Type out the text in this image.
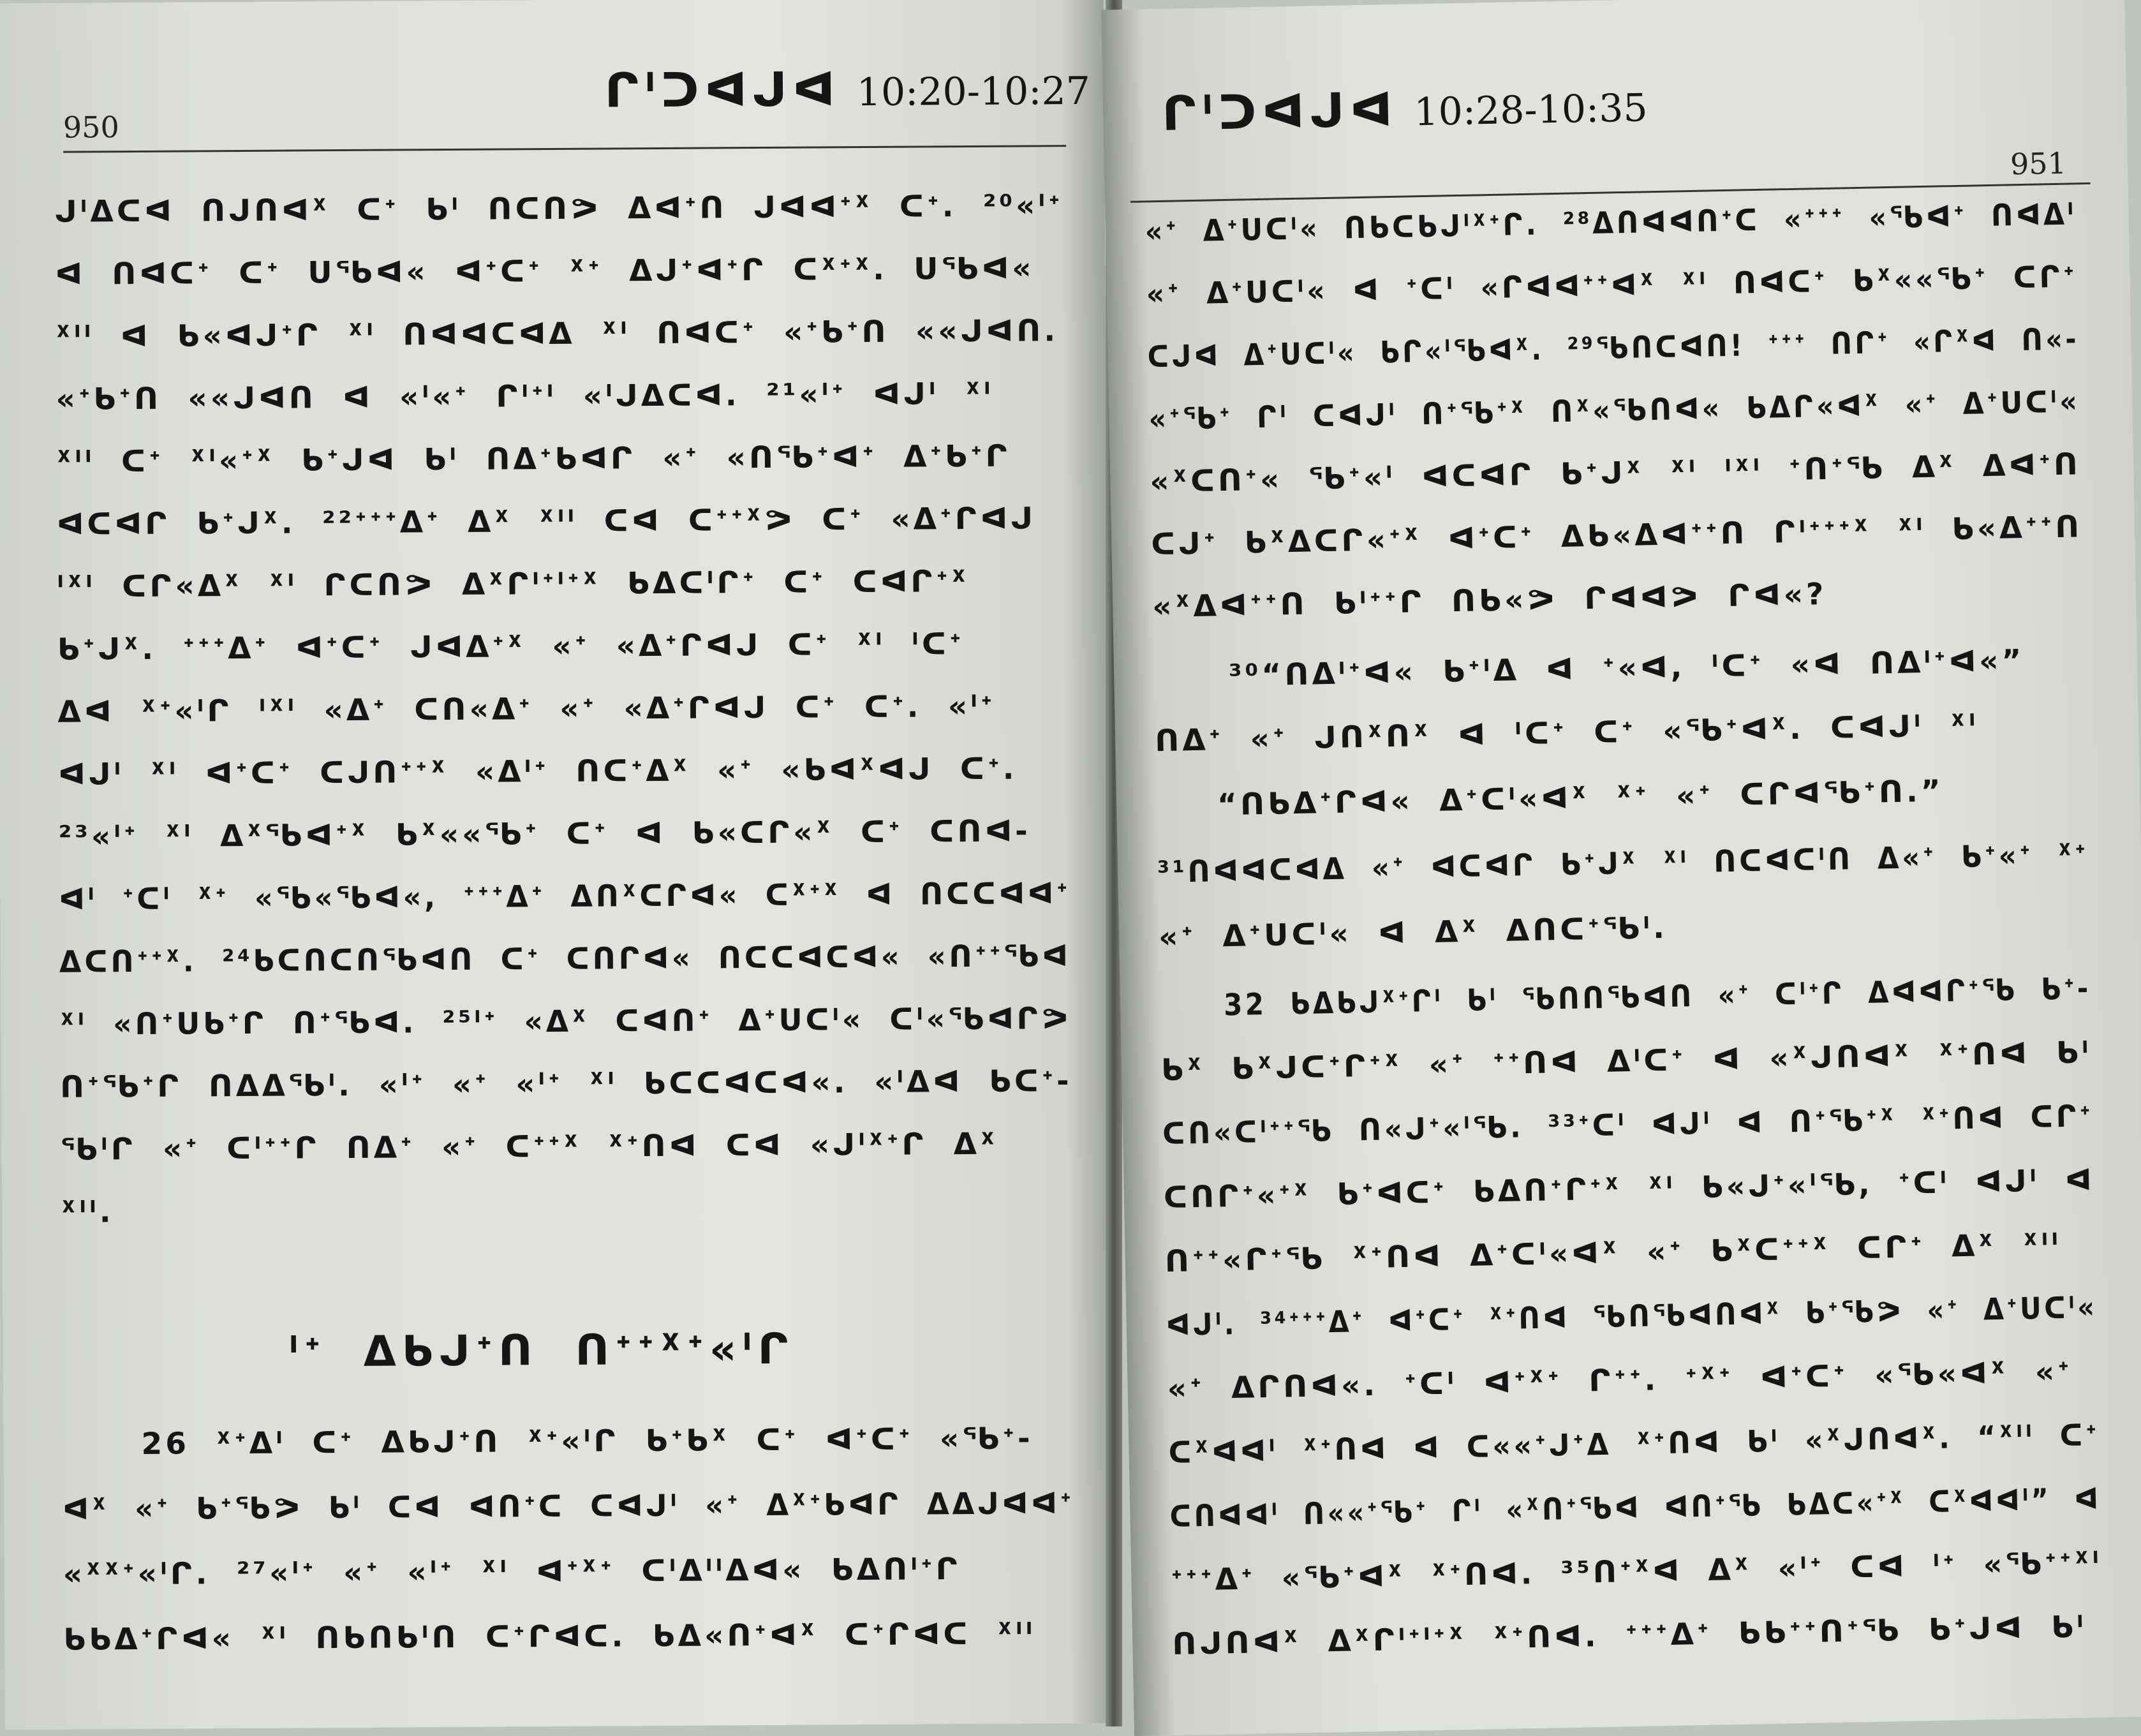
950
ᒋᑊᑐᐊᒍᐊ 10:20-10:27
ᒍᑊᐃᑕᐊ ᑎᒍᑎᐊᕁ ᑕᐩ ᑲᑊ ᑎᑕᑎᕗ ᐃᐊᐩᑎ ᒍᐊᐊᐩᕁ ᑕᐩ. ²⁰«ᑊᐩ
ᐊ ᑎᐊᑕᐩ ᑕᐩ ᑌᖃᐊ« ᐊᐩᑕᐩ ᕁᐩ ᐃᒍᐩᐊᐩᒋ ᑕᕁᐩᕁ. ᑌᖃᐊ«
ᕁᑊᑊ ᐊ ᑲ«ᐊᒍᐩᒋ ᕁᑊ ᑎᐊᐊᑕᐊᐃ ᕁᑊ ᑎᐊᑕᐩ «ᐩᑲᐩᑎ ««ᒍᐊᑎ.
«ᐩᑲᐩᑎ ««ᒍᐊᑎ ᐊ «ᑊ«ᐩ ᒋᑊᐩᑊ «ᑊᒍᐃᑕᐊ. ²¹«ᑊᐩ ᐊᒍᑊ ᕁᑊ
ᕁᑊᑊ ᑕᐩ ᕁᑊ«ᐩᕁ ᑲᐩᒍᐊ ᑲᑊ ᑎᐃᐩᑲᐊᒋ «ᐩ «ᑎᖃᐩᐊᐩ ᐃᐩᑲᐩᒋ
ᐊᑕᐊᒋ ᑲᐩᒍᕁ. ²²ᐩᐩᐩᐃᐩ ᐃᕁ ᕁᑊᑊ ᑕᐊ ᑕᐩᐩᕁᕗ ᑕᐩ «ᐃᐩᒋᐊᒍ
ᑊᕁᑊ ᑕᒋ«ᐃᕁ ᕁᑊ ᒋᑕᑎᕗ ᐃᕁᒋᑊᐩᑊᐩᕁ ᑲᐃᑕᑊᒋᐩ ᑕᐩ ᑕᐊᒋᐩᕁ
ᑲᐩᒍᕁ. ᐩᐩᐩᐃᐩ ᐊᐩᑕᐩ ᒍᐊᐃᐩᕁ «ᐩ «ᐃᐩᒋᐊᒍ ᑕᐩ ᕁᑊ ᑊᑕᐩ
ᐃᐊ ᕁᐩ«ᑊᒋ ᑊᕁᑊ «ᐃᐩ ᑕᑎ«ᐃᐩ «ᐩ «ᐃᐩᒋᐊᒍ ᑕᐩ ᑕᐩ. «ᑊᐩ
ᐊᒍᑊ ᕁᑊ ᐊᐩᑕᐩ ᑕᒍᑎᐩᐩᕁ «ᐃᑊᐩ ᑎᑕᐩᐃᕁ «ᐩ «ᑲᐊᕁᐊᒍ ᑕᐩ.
²³«ᑊᐩ ᕁᑊ ᐃᕁᖃᐊᐩᕁ ᑲᕁ««ᖃᐩ ᑕᐩ ᐊ ᑲ«ᑕᒋ«ᕁ ᑕᐩ ᑕᑎᐊ-
ᐊᑊ ᐩᑕᑊ ᕁᐩ «ᖃ«ᖃᐊ«, ᐩᐩᐩᐃᐩ ᐃᑎᕁᑕᒋᐊ« ᑕᕁᐩᕁ ᐊ ᑎᑕᑕᐊᐊᐩ
ᐃᑕᑎᐩᐩᕁ. ²⁴ᑲᑕᑎᑕᑎᖃᐊᑎ ᑕᐩ ᑕᑎᒋᐊ« ᑎᑕᑕᐊᑕᐊ« «ᑎᐩᐩᖃᐊ
ᕁᑊ «ᑎᐩᑌᑲᐩᒋ ᑎᐩᖃᐊ. ²⁵ᑊᐩ «ᐃᕁ ᑕᐊᑎᐩ ᐃᐩᑌᑕᑊ« ᑕᑊ«ᖃᐊᒋᕗ
ᑎᐩᖃᐩᒋ ᑎᐃᐃᖃᑊ. «ᑊᐩ «ᐩ «ᑊᐩ ᕁᑊ ᑲᑕᑕᐊᑕᐊ«. «ᑊᐃᐊ ᑲᑕᐩ-
ᖃᑊᒋ «ᐩ ᑕᑊᐩᐩᒋ ᑎᐃᐩ «ᐩ ᑕᐩᐩᕁ ᕁᐩᑎᐊ ᑕᐊ «ᒍᑊᕁᐩᒋ ᐃᕁ
ᕁᑊᑊ.
ᑊᐩ ᐃᑲᒍᐩᑎ ᑎᐩᐩᕁᐩ«ᑊᒋ
26 ᕁᐩᐃᑊ ᑕᐩ ᐃᑲᒍᐩᑎ ᕁᐩ«ᑊᒋ ᑲᐩᑲᕁ ᑕᐩ ᐊᐩᑕᐩ «ᖃᐩ-
ᐊᕁ «ᐩ ᑲᐩᖃᕗ ᑲᑊ ᑕᐊ ᐊᑎᐩᑕ ᑕᐊᒍᑊ «ᐩ ᐃᕁᐩᑲᐊᒋ ᐃᐃᒍᐊᐊᐩ
«ᕁᕁᐩ«ᑊᒋ. ²⁷«ᑊᐩ «ᐩ «ᑊᐩ ᕁᑊ ᐊᐩᕁᐩ ᑕᑊᐃᑊᑊᐃᐊ« ᑲᐃᑎᑊᐩᒋ
ᑲᑲᐃᐩᒋᐊ« ᕁᑊ ᑎᑲᑎᑲᑊᑎ ᑕᐩᒋᐊᑕ. ᑲᐃ«ᑎᐩᐊᕁ ᑕᐩᒋᐊᑕ ᕁᑊᑊ
ᒋᑊᑐᐊᒍᐊ 10:28-10:35
951
«ᐩ ᐃᐩᑌᑕᑊ« ᑎᑲᑕᑲᒍᑊᕁᐩᒋ. ²⁸ᐃᑎᐊᐊᑎᐩᑕ «ᐩᐩᐩ «ᖃᐊᐩ ᑎᐊᐃᑊ
«ᐩ ᐃᐩᑌᑕᑊ« ᐊ ᐩᑕᑊ «ᒋᐊᐊᐩᐩᐊᕁ ᕁᑊ ᑎᐊᑕᐩ ᑲᕁ««ᖃᐩ ᑕᒋᐩ
ᑕᒍᐊ ᐃᐩᑌᑕᑊ« ᑲᒋ«ᑊᖃᐊᕁ. ²⁹ᖃᑎᑕᐊᑎ! ᐩᐩᐩ ᑎᒋᐩ «ᒋᕁᐊ ᑎ«-
«ᐩᖃᐩ ᒋᑊ ᑕᐊᒍᑊ ᑎᐩᖃᐩᕁ ᑎᕁ«ᖃᑎᐊ« ᑲᐃᒋ«ᐊᕁ «ᐩ ᐃᐩᑌᑕᑊ«
«ᕁᑕᑎᐩ« ᖃᐩ«ᑊ ᐊᑕᐊᒋ ᑲᐩᒍᕁ ᕁᑊ ᑊᕁᑊ ᐩᑎᐩᖃ ᐃᕁ ᐃᐊᐩᑎ
ᑕᒍᐩ ᑲᕁᐃᑕᒋ«ᐩᕁ ᐊᐩᑕᐩ ᐃᑲ«ᐃᐊᐩᐩᑎ ᒋᑊᐩᐩᐩᕁ ᕁᑊ ᑲ«ᐃᐩᐩᑎ
«ᕁᐃᐊᐩᐩᑎ ᑲᑊᐩᐩᒋ ᑎᑲ«ᕗ ᒋᐊᐊᕗ ᒋᐊ«?
³⁰“ᑎᐃᑊᐩᐊ« ᑲᐩᑊᐃ ᐊ ᐩ«ᐊ, ᑊᑕᐩ «ᐊ ᑎᐃᑊᐩᐊ«”
ᑎᐃᐩ «ᐩ ᒍᑎᕁᑎᕁ ᐊ ᑊᑕᐩ ᑕᐩ «ᖃᐩᐊᕁ. ᑕᐊᒍᑊ ᕁᑊ
“ᑎᑲᐃᐩᒋᐊ« ᐃᐩᑕᑊ«ᐊᕁ ᕁᐩ «ᐩ ᑕᒋᐊᖃᐩᑎ.”
³¹ᑎᐊᐊᑕᐊᐃ «ᐩ ᐊᑕᐊᒋ ᑲᐩᒍᕁ ᕁᑊ ᑎᑕᐊᑕᑊᑎ ᐃ«ᐩ ᑲᐩ«ᐩ ᕁᐩ
«ᐩ ᐃᐩᑌᑕᑊ« ᐊ ᐃᕁ ᐃᑎᑕᐩᖃᑊ.
32 ᑲᐃᑲᒍᕁᐩᒋᑊ ᑲᑊ ᖃᑎᑎᖃᐊᑎ «ᐩ ᑕᑊᐩᒋ ᐃᐊᐊᒋᐩᖃ ᑲᐩ-
ᑲᕁ ᑲᕁᒍᑕᐩᒋᐩᕁ «ᐩ ᐩᐩᑎᐊ ᐃᑊᑕᐩ ᐊ «ᕁᒍᑎᐊᕁ ᕁᐩᑎᐊ ᑲᑊ
ᑕᑎ«ᑕᑊᐩᐩᖃ ᑎ«ᒍᐩ«ᑊᖃ. ³³ᐩᑕᑊ ᐊᒍᑊ ᐊ ᑎᐩᖃᐩᕁ ᕁᐩᑎᐊ ᑕᒋᐩ
ᑕᑎᒋᐩ«ᐩᕁ ᑲᐩᐊᑕᐩ ᑲᐃᑎᐩᒋᐩᕁ ᕁᑊ ᑲ«ᒍᐩ«ᑊᖃ, ᐩᑕᑊ ᐊᒍᑊ ᐊ
ᑎᐩᐩ«ᒋᐩᖃ ᕁᐩᑎᐊ ᐃᐩᑕᑊ«ᐊᕁ «ᐩ ᑲᕁᑕᐩᐩᕁ ᑕᒋᐩ ᐃᕁ ᕁᑊᑊ
ᐊᒍᑊ. ³⁴ᐩᐩᐩᐃᐩ ᐊᐩᑕᐩ ᕁᐩᑎᐊ ᖃᑎᖃᐊᑎᐊᕁ ᑲᐩᖃᕗ «ᐩ ᐃᐩᑌᑕᑊ«
«ᐩ ᐃᒋᑎᐊ«. ᐩᑕᑊ ᐊᐩᕁᐩ ᒋᐩᐩ. ᐩᕁᐩ ᐊᐩᑕᐩ «ᖃ«ᐊᕁ «ᐩ
ᑕᕁᐊᐊᑊ ᕁᐩᑎᐊ ᐊ ᑕ««ᐩᒍᐩᐃ ᕁᐩᑎᐊ ᑲᑊ «ᕁᒍᑎᐊᕁ. “ᕁᑊᑊ ᑕᐩ
ᑕᑎᐊᐊᑊ ᑎ««ᐩᖃᐩ ᒋᑊ «ᕁᑎᐩᖃᐊ ᐊᑎᐩᖃ ᑲᐃᑕ«ᐩᕁ ᑕᕁᐊᐊᑊ” ᐊ
ᐩᐩᐩᐃᐩ «ᖃᐩᐊᕁ ᕁᐩᑎᐊ. ³⁵ᑎᐩᕁᐊ ᐃᕁ «ᑊᐩ ᑕᐊ ᑊᐩ «ᖃᐩᐩᕁᑊ
ᑎᒍᑎᐊᕁ ᐃᕁᒋᑊᐩᑊᐩᕁ ᕁᐩᑎᐊ. ᐩᐩᐩᐃᐩ ᑲᑲᐩᐩᑎᐩᖃ ᑲᐩᒍᐊ ᑲᑊ
